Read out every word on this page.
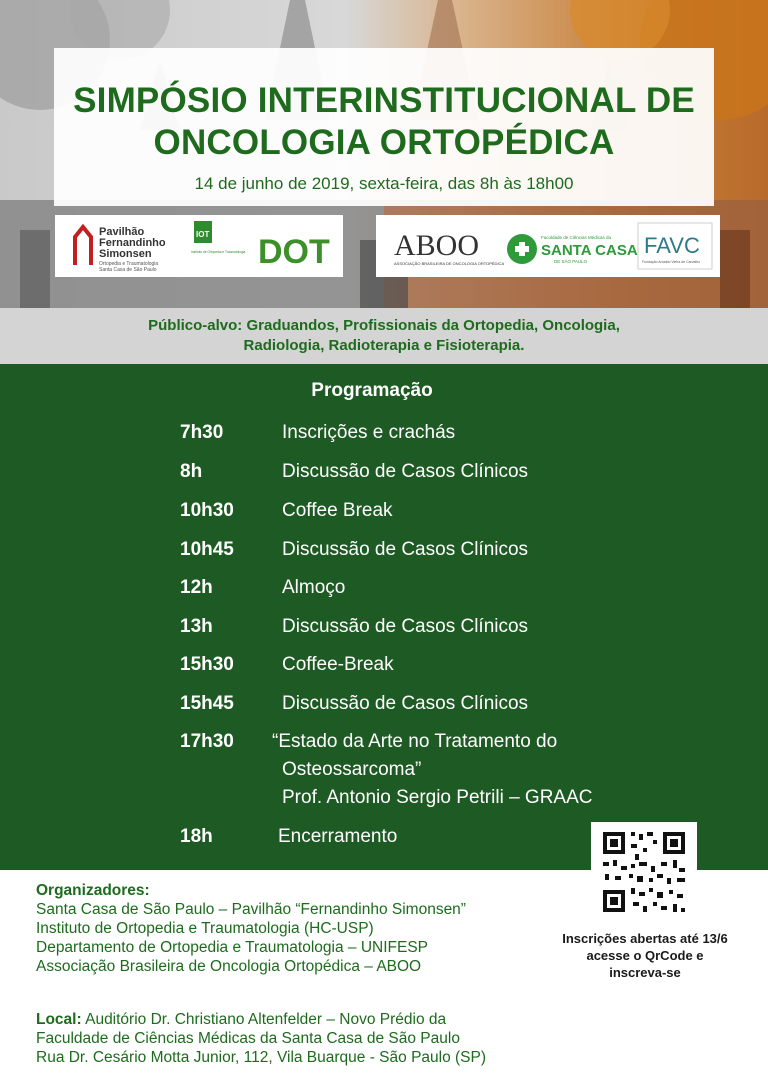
SIMPÓSIO INTERINSTITUCIONAL DE
ONCOLOGIA ORTOPÉDICA
14 de junho de 2019, sexta-feira, das 8h às 18h00
Pavilhão
Fernandinho
Simonsen
Ortopedia e Traumatologia
Santa Casa de São Paulo
IOT
Instituto de Ortopedia e Traumatologia DOT ABOO
ASSOCIAÇÃO BRASILEIRA DE ONCOLOGIA ORTOPÉDICA
Faculdade de Ciências Médicas da
SANTA CASA
DE SÃO PAULO
FAVC
Fundação Arnaldo Vieira de Carvalho
Público-alvo: Graduandos, Profissionais da Ortopedia, Oncologia,
Radiologia, Radioterapia e Fisioterapia.
Programação
7h30	Inscrições e crachás
8h	Discussão de Casos Clínicos
10h30	Coffee Break
10h45	Discussão de Casos Clínicos
12h	Almoço
13h	Discussão de Casos Clínicos
15h30	Coffee-Break
15h45	Discussão de Casos Clínicos
17h30 “Estado da Arte no Tratamento do
Osteossarcoma”
Prof. Antonio Sergio Petrili – GRAAC
18h	Encerramento
Inscrições abertas até 13/6
acesse o QrCode e
inscreva-se
Organizadores:
Santa Casa de São Paulo – Pavilhão “Fernandinho Simonsen”
Instituto de Ortopedia e Traumatologia (HC-USP)
Departamento de Ortopedia e Traumatologia – UNIFESP
Associação Brasileira de Oncologia Ortopédica – ABOO
Local: Auditório Dr. Christiano Altenfelder – Novo Prédio da
Faculdade de Ciências Médicas da Santa Casa de São Paulo
Rua Dr. Cesário Motta Junior, 112, Vila Buarque - São Paulo (SP)
